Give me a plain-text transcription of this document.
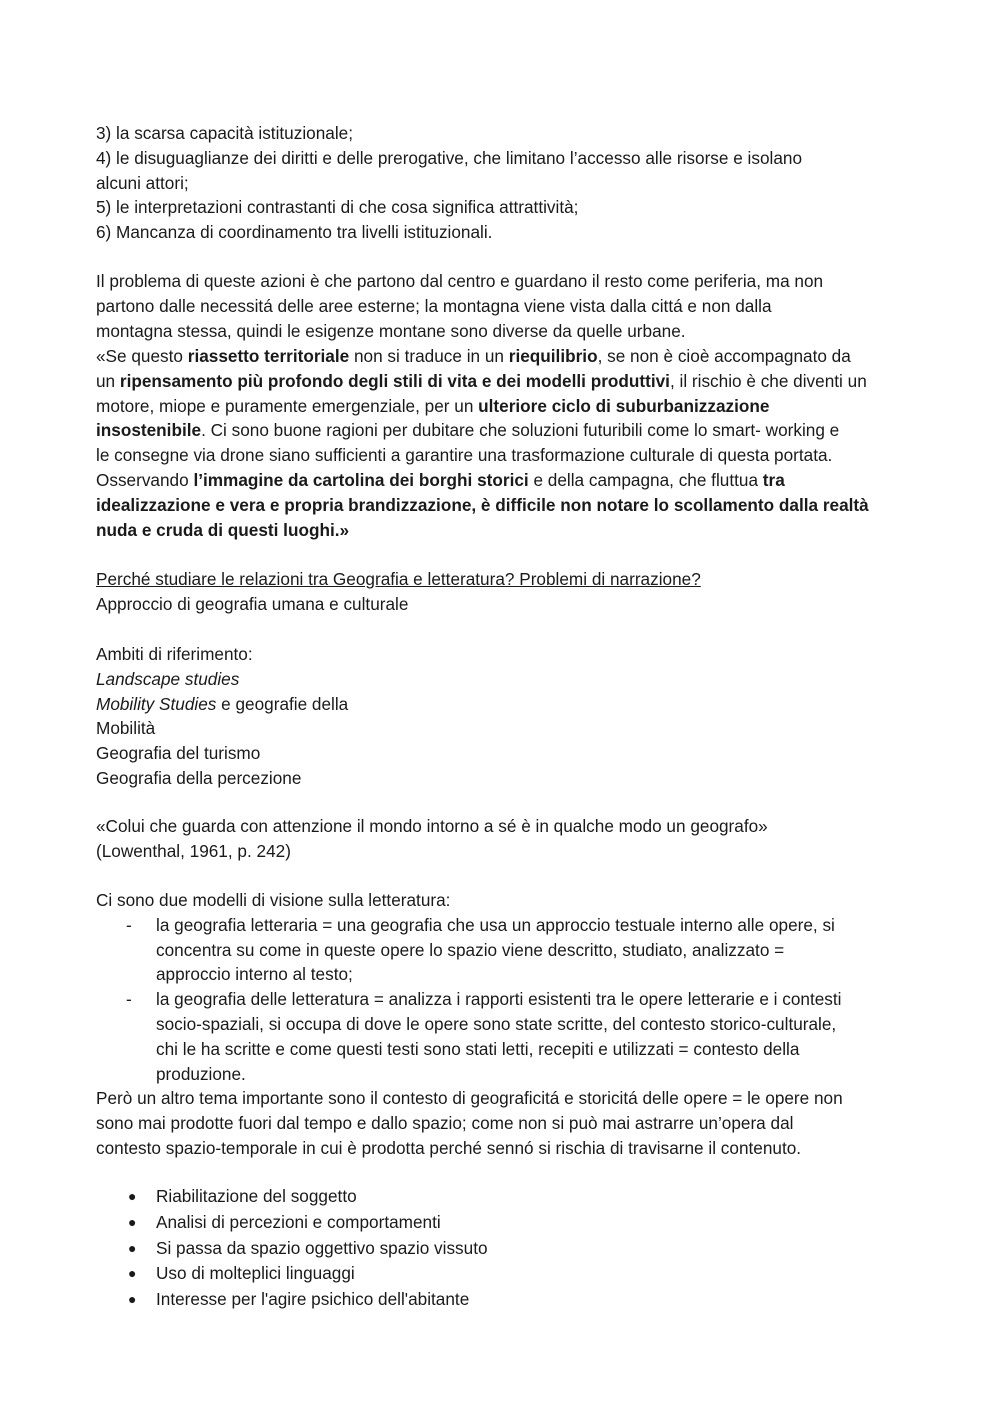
3) la scarsa capacità istituzionale;
4) le disuguaglianze dei diritti e delle prerogative, che limitano l’accesso alle risorse e isolano
alcuni attori;
5) le interpretazioni contrastanti di che cosa significa attrattività;
6) Mancanza di coordinamento tra livelli istituzionali.
Il problema di queste azioni è che partono dal centro e guardano il resto come periferia, ma non
partono dalle necessitá delle aree esterne; la montagna viene vista dalla cittá e non dalla
montagna stessa, quindi le esigenze montane sono diverse da quelle urbane.
«Se questo riassetto territoriale non si traduce in un riequilibrio, se non è cioè accompagnato da
un ripensamento più profondo degli stili di vita e dei modelli produttivi, il rischio è che diventi un
motore, miope e puramente emergenziale, per un ulteriore ciclo di suburbanizzazione
insostenibile. Ci sono buone ragioni per dubitare che soluzioni futuribili come lo smart- working e
le consegne via drone siano sufficienti a garantire una trasformazione culturale di questa portata.
Osservando l’immagine da cartolina dei borghi storici e della campagna, che fluttua tra
idealizzazione e vera e propria brandizzazione, è difficile non notare lo scollamento dalla realtà
nuda e cruda di questi luoghi.»
Perché studiare le relazioni tra Geografia e letteratura? Problemi di narrazione?
Approccio di geografia umana e culturale
Ambiti di riferimento:
Landscape studies
Mobility Studies e geografie della
Mobilità
Geografia del turismo
Geografia della percezione
«Colui che guarda con attenzione il mondo intorno a sé è in qualche modo un geografo»
(Lowenthal, 1961, p. 242)
Ci sono due modelli di visione sulla letteratura:
- la geografia letteraria = una geografia che usa un approccio testuale interno alle opere, si
concentra su come in queste opere lo spazio viene descritto, studiato, analizzato =
approccio interno al testo;
- la geografia delle letteratura = analizza i rapporti esistenti tra le opere letterarie e i contesti
socio-spaziali, si occupa di dove le opere sono state scritte, del contesto storico-culturale,
chi le ha scritte e come questi testi sono stati letti, recepiti e utilizzati = contesto della
produzione.
Però un altro tema importante sono il contesto di geograficitá e storicitá delle opere = le opere non
sono mai prodotte fuori dal tempo e dallo spazio; come non si può mai astrarre un’opera dal
contesto spazio-temporale in cui è prodotta perché sennó si rischia di travisarne il contenuto.
● Riabilitazione del soggetto
● Analisi di percezioni e comportamenti
● Si passa da spazio oggettivo spazio vissuto
● Uso di molteplici linguaggi
● Interesse per l'agire psichico dell'abitante
